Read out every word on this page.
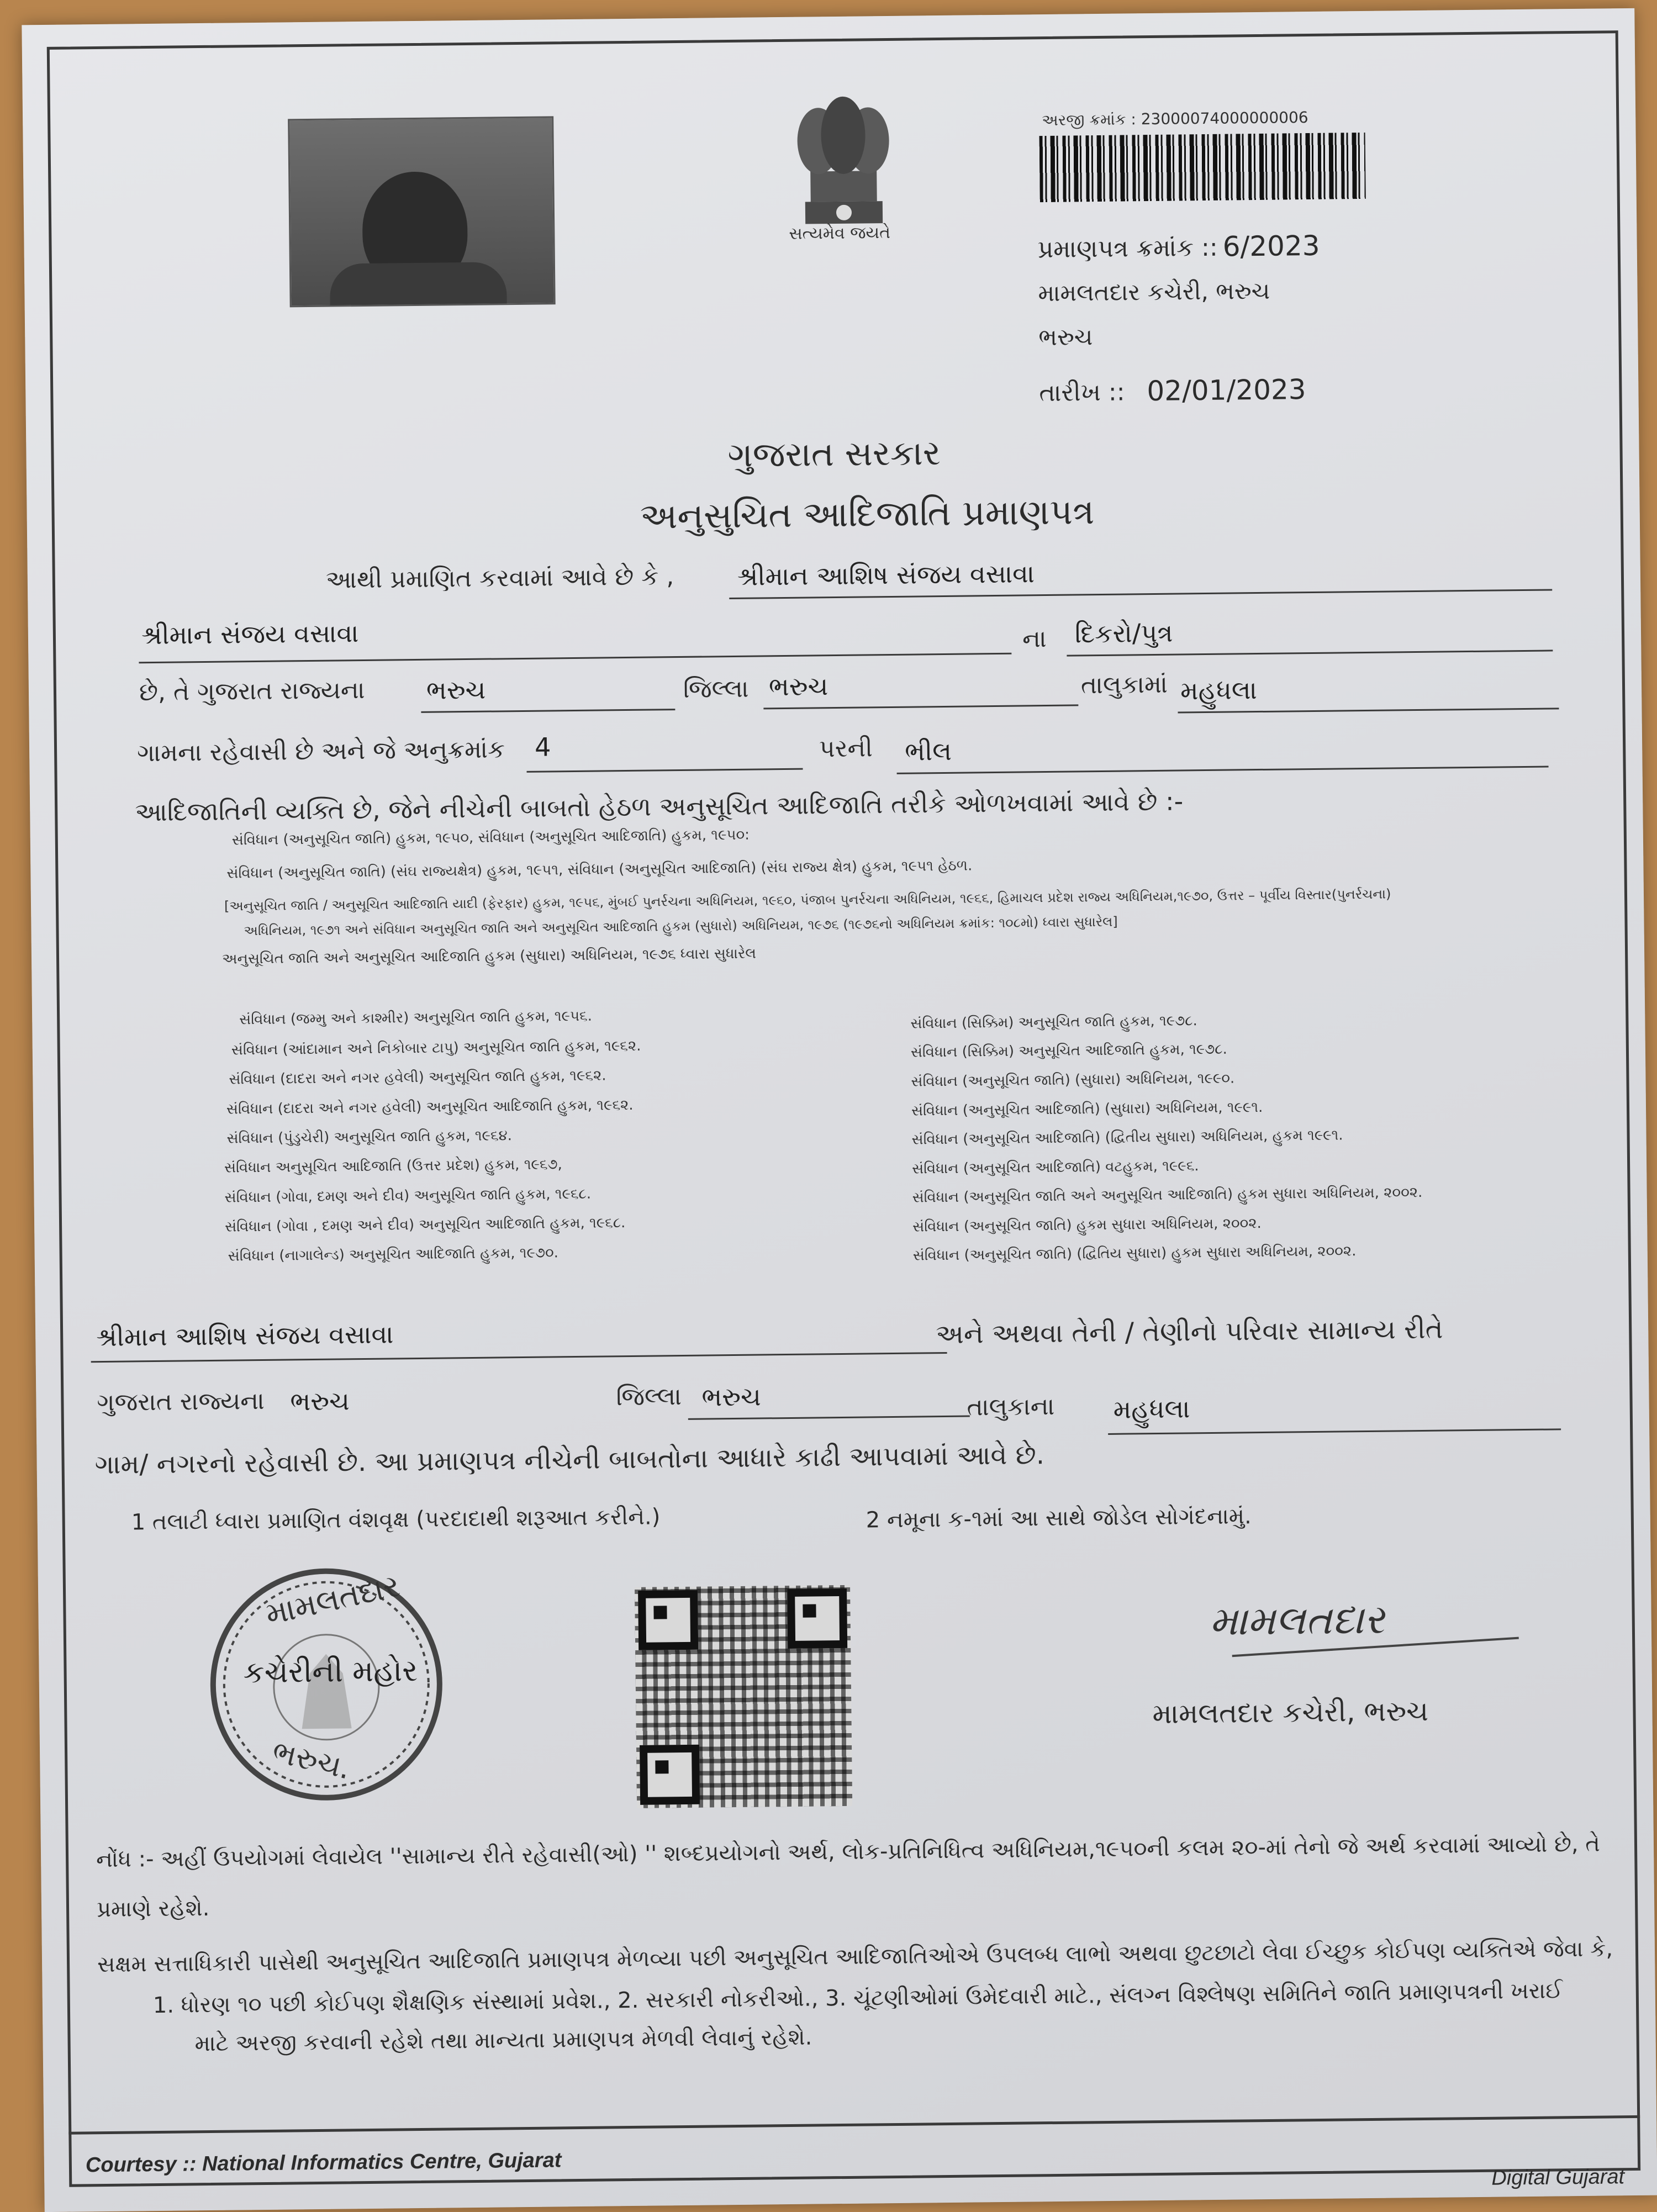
સત્યમેવ જયતે
અરજી ક્રમાંક : 23000074000000006
પ્રમાણપત્ર ક્રમાંક :: 6/2023
મામલતદાર કચેરી, ભરુચ
ભરુચ
તારીખ :: 02/01/2023
ગુજરાત સરકાર
અનુસુચિત આદિજાતિ પ્રમાણપત્ર
આથી પ્રમાણિત કરવામાં આવે છે કે , શ્રીમાન આશિષ સંજય વસાવા
શ્રીમાન સંજય વસાવા	ના દિકરો/પુત્ર
છે, તે ગુજરાત રાજ્યના ભરુચ	જિલ્લા ભરુચ	તાલુકામાં મહુધલા
ગામના રહેવાસી છે અને જે અનુક્રમાંક 4	પરની ભીલ
આદિજાતિની વ્યક્તિ છે, જેને નીચેની બાબતો હેઠળ અનુસૂચિત આદિજાતિ તરીકે ઓળખવામાં આવે છે :-
સંવિધાન (અનુસૂચિત જાતિ) હુકમ, ૧૯૫૦, સંવિધાન (અનુસૂચિત આદિજાતિ) હુકમ, ૧૯૫૦:
સંવિધાન (અનુસૂચિત જાતિ) (સંઘ રાજ્યક્ષેત્ર) હુકમ, ૧૯૫૧, સંવિધાન (અનુસૂચિત આદિજાતિ) (સંઘ રાજ્ય ક્ષેત્ર) હુકમ, ૧૯૫૧ હેઠળ.
[અનુસૂચિત જાતિ / અનુસૂચિત આદિજાતિ યાદી (ફેરફાર) હુકમ, ૧૯૫૬, મુંબઈ પુનર્રચના અધિનિયમ, ૧૯૬૦, પંજાબ પુનર્રચના અધિનિયમ, ૧૯૬૬, હિમાચલ પ્રદેશ રાજ્ય અધિનિયમ,૧૯૭૦, ઉત્તર – પૂર્વીય વિસ્તાર(પુનર્રચના)
અધિનિયમ, ૧૯૭૧ અને સંવિધાન અનુસૂચિત જાતિ અને અનુસૂચિત આદિજાતિ હુકમ (સુધારો) અધિનિયમ, ૧૯૭૬ (૧૯૭૬નો અધિનિયમ ક્રમાંક: ૧૦૮મો) ધ્વારા સુધારેલ]
અનુસૂચિત જાતિ અને અનુસૂચિત આદિજાતિ હુકમ (સુધારા) અધિનિયમ, ૧૯૭૬ ધ્વારા સુધારેલ
સંવિધાન (જમ્મુ અને કાશ્મીર) અનુસૂચિત જાતિ હુકમ, ૧૯૫૬.
સંવિધાન (આંદામાન અને નિકોબાર ટાપુ) અનુસૂચિત જાતિ હુકમ, ૧૯૬૨.
સંવિધાન (દાદરા અને નગર હવેલી) અનુસૂચિત જાતિ હુકમ, ૧૯૬૨.
સંવિધાન (દાદરા અને નગર હવેલી) અનુસૂચિત આદિજાતિ હુકમ, ૧૯૬૨.
સંવિધાન (પુંડુચેરી) અનુસૂચિત જાતિ હુકમ, ૧૯૬૪.
સંવિધાન અનુસૂચિત આદિજાતિ (ઉત્તર પ્રદેશ) હુકમ, ૧૯૬૭,
સંવિધાન (ગોવા, દમણ અને દીવ) અનુસૂચિત જાતિ હુકમ, ૧૯૬૮.
સંવિધાન (ગોવા , દમણ અને દીવ) અનુસૂચિત આદિજાતિ હુકમ, ૧૯૬૮.
સંવિધાન (નાગાલેન્ડ) અનુસૂચિત આદિજાતિ હુકમ, ૧૯૭૦.
સંવિધાન (સિક્કિમ) અનુસૂચિત જાતિ હુકમ, ૧૯૭૮.
સંવિધાન (સિક્કિમ) અનુસૂચિત આદિજાતિ હુકમ, ૧૯૭૮.
સંવિધાન (અનુસૂચિત જાતિ) (સુધારા) અધિનિયમ, ૧૯૯૦.
સંવિધાન (અનુસૂચિત આદિજાતિ) (સુધારા) અધિનિયમ, ૧૯૯૧.
સંવિધાન (અનુસૂચિત આદિજાતિ) (દ્વિતીય સુધારા) અધિનિયમ, હુકમ ૧૯૯૧.
સંવિધાન (અનુસૂચિત આદિજાતિ) વટહુકમ, ૧૯૯૬.
સંવિધાન (અનુસૂચિત જાતિ અને અનુસૂચિત આદિજાતિ) હુકમ સુધારા અધિનિયમ, ૨૦૦૨.
સંવિધાન (અનુસૂચિત જાતિ) હુકમ સુધારા અધિનિયમ, ૨૦૦૨.
સંવિધાન (અનુસૂચિત જાતિ) (દ્વિતિય સુધારા) હુકમ સુધારા અધિનિયમ, ૨૦૦૨.
શ્રીમાન આશિષ સંજય વસાવા	અને અથવા તેની / તેણીનો પરિવાર સામાન્ય રીતે
ગુજરાત રાજ્યના ભરુચ	જિલ્લા ભરુચ	તાલુકાના મહુધલા
ગામ/ નગરનો રહેવાસી છે. આ પ્રમાણપત્ર નીચેની બાબતોના આધારે કાઢી આપવામાં આવે છે.
1 તલાટી ધ્વારા પ્રમાણિત વંશવૃક્ષ (પરદાદાથી શરૂઆત કરીને.)	2 નમૂના ક-૧માં આ સાથે જોડેલ સોગંદનામું.
મામલતદાર
કચેરીની મહોર
ભરુચ.
મામલતદાર
મામલતદાર કચેરી, ભરુચ
નોંધ :- અહીં ઉપયોગમાં લેવાયેલ ''સામાન્ય રીતે રહેવાસી(ઓ) '' શબ્દપ્રયોગનો અર્થ, લોક-પ્રતિનિધિત્વ અધિનિયમ,૧૯૫૦ની કલમ ૨૦-માં તેનો જે અર્થ કરવામાં આવ્યો છે, તે
પ્રમાણે રહેશે.
સક્ષમ સત્તાધિકારી પાસેથી અનુસૂચિત આદિજાતિ પ્રમાણપત્ર મેળવ્યા પછી અનુસૂચિત આદિજાતિઓએ ઉપલબ્ધ લાભો અથવા છુટછાટો લેવા ઈચ્છુક કોઈપણ વ્યક્તિએ જેવા કે,
1. ધોરણ ૧૦ પછી કોઈપણ શૈક્ષણિક સંસ્થામાં પ્રવેશ., 2. સરકારી નોકરીઓ., 3. ચૂંટણીઓમાં ઉમેદવારી માટે., સંલગ્ન વિશ્લેષણ સમિતિને જાતિ પ્રમાણપત્રની ખરાઈ
માટે અરજી કરવાની રહેશે તથા માન્યતા પ્રમાણપત્ર મેળવી લેવાનું રહેશે.
Courtesy :: National Informatics Centre, Gujarat
Digital Gujarat
